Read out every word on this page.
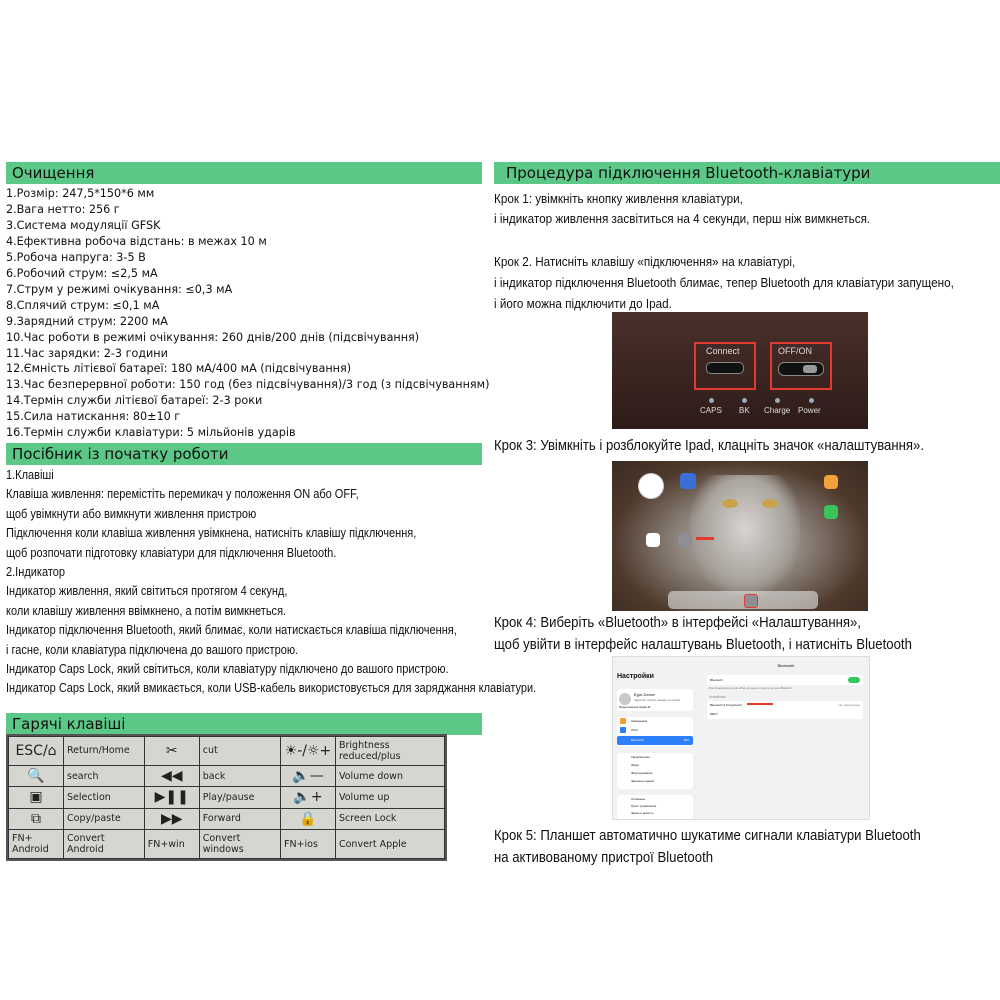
Очищення
1.Розмір: 247,5*150*6 мм
2.Вага нетто: 256 г
3.Система модуляції GFSK
4.Ефективна робоча відстань: в межах 10 м
5.Робоча напруга: 3-5 В
6.Робочий струм: ≤2,5 мА
7.Струм у режимі очікування: ≤0,3 мА
8.Сплячий струм: ≤0,1 мА
9.Зарядний струм: 2200 мА
10.Час роботи в режимі очікування: 260 днів/200 днів (підсвічування)
11.Час зарядки: 2-3 години
12.Ємність літієвої батареї: 180 мА/400 мА (підсвічування)
13.Час безперервної роботи: 150 год (без підсвічування)/3 год (з підсвічуванням)
14.Термін служби літієвої батареї: 2-3 роки
15.Сила натискання: 80±10 г
16.Термін служби клавіатури: 5 мільйонів ударів
Посібник із початку роботи
1.Клавіші
Клавіша живлення: перемістіть перемикач у положення ON або OFF,
щоб увімкнути або вимкнути живлення пристрою
Підключення коли клавіша живлення увімкнена, натисніть клавішу підключення,
щоб розпочати підготовку клавіатури для підключення Bluetooth.
2.Індикатор
Індикатор живлення, який світиться протягом 4 секунд,
коли клавішу живлення ввімкнено, а потім вимкнеться.
Індикатор підключення Bluetooth, який блимає, коли натискається клавіша підключення,
і гасне, коли клавіатура підключена до вашого пристрою.
Індикатор Caps Lock, який світиться, коли клавіатуру підключено до вашого пристрою.
Індикатор Caps Lock, який вмикається, коли USB-кабель використовується для заряджання клавіатури.
Гарячі клавіші
ESC/⌂	Return/Home	✂	cut	☀-/☼+	Brightness reduced/plus
🔍	search	◀◀	back	🔈—	Volume down
▣	Selection	▶❚❚	Play/pause	🔈+	Volume up
⧉	Copy/paste	▶▶	Forward	🔒	Screen Lock
FN+ Android	Convert Android	FN+win	Convert windows	FN+ios	Convert Apple
Процедура підключення Bluetooth-клавіатури
Крок 1: увімкніть кнопку живлення клавіатури,
і індикатор живлення засвітиться на 4 секунди, перш ніж вимкнеться.
Крок 2. Натисніть клавішу «підключення» на клавіатурі,
і індикатор підключення Bluetooth блимає, тепер Bluetooth для клавіатури запущено,
і його можна підключити до Ipad.
Connect	OFF/ON
CAPS BK Charge Power
Крок 3: Увімкніть і розблокуйте Ipad, клацніть значок «налаштування».
Крок 4: Виберіть «Bluetooth» в інтерфейсі «Налаштування»,
щоб увійти в інтерфейс налаштувань Bluetooth, і натисніть Bluetooth
Настройки
Egor Denov
Apple ID, iCloud, медиа и покупки
Предложения Apple ID
Авиарежим
Wi-Fi
Bluetooth	Вкл.
Уведомления
Звуки
Фокусирование
Экранное время
Основные
Пункт управления
Экран и яркость
Bluetooth
Bluetooth
iPad обнаруживается как «iPad» во время открытия настроек Bluetooth.
УСТРОЙСТВА
Bluetooth 3.0 Keyboard	Не подключено
DEFY
Крок 5: Планшет автоматично шукатиме сигнали клавіатури Bluetooth
на активованому пристрої Bluetooth
